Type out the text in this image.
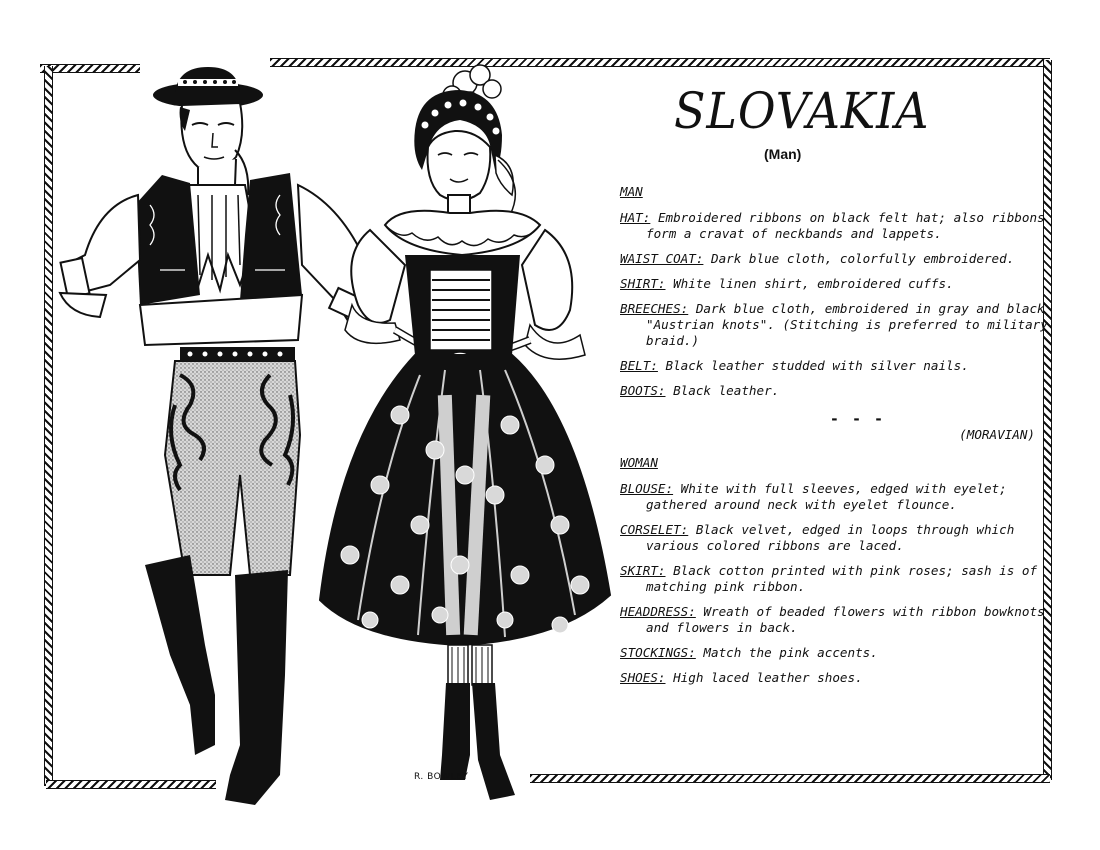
R. BOWLEY
SLOVAKIA
(Man)
MAN
HAT: Embroidered ribbons on black felt hat; also ribbons form a cravat of neckbands and lappets.
WAIST COAT: Dark blue cloth, colorfully embroidered.
SHIRT: White linen shirt, embroidered cuffs.
BREECHES: Dark blue cloth, embroidered in gray and black "Austrian knots". (Stitching is preferred to military braid.)
BELT: Black leather studded with silver nails.
BOOTS: Black leather.
- - -
(MORAVIAN)
WOMAN
BLOUSE: White with full sleeves, edged with eyelet; gathered around neck with eyelet flounce.
CORSELET: Black velvet, edged in loops through which various colored ribbons are laced.
SKIRT: Black cotton printed with pink roses; sash is of matching pink ribbon.
HEADDRESS: Wreath of beaded flowers with ribbon bowknots and flowers in back.
STOCKINGS: Match the pink accents.
SHOES: High laced leather shoes.
